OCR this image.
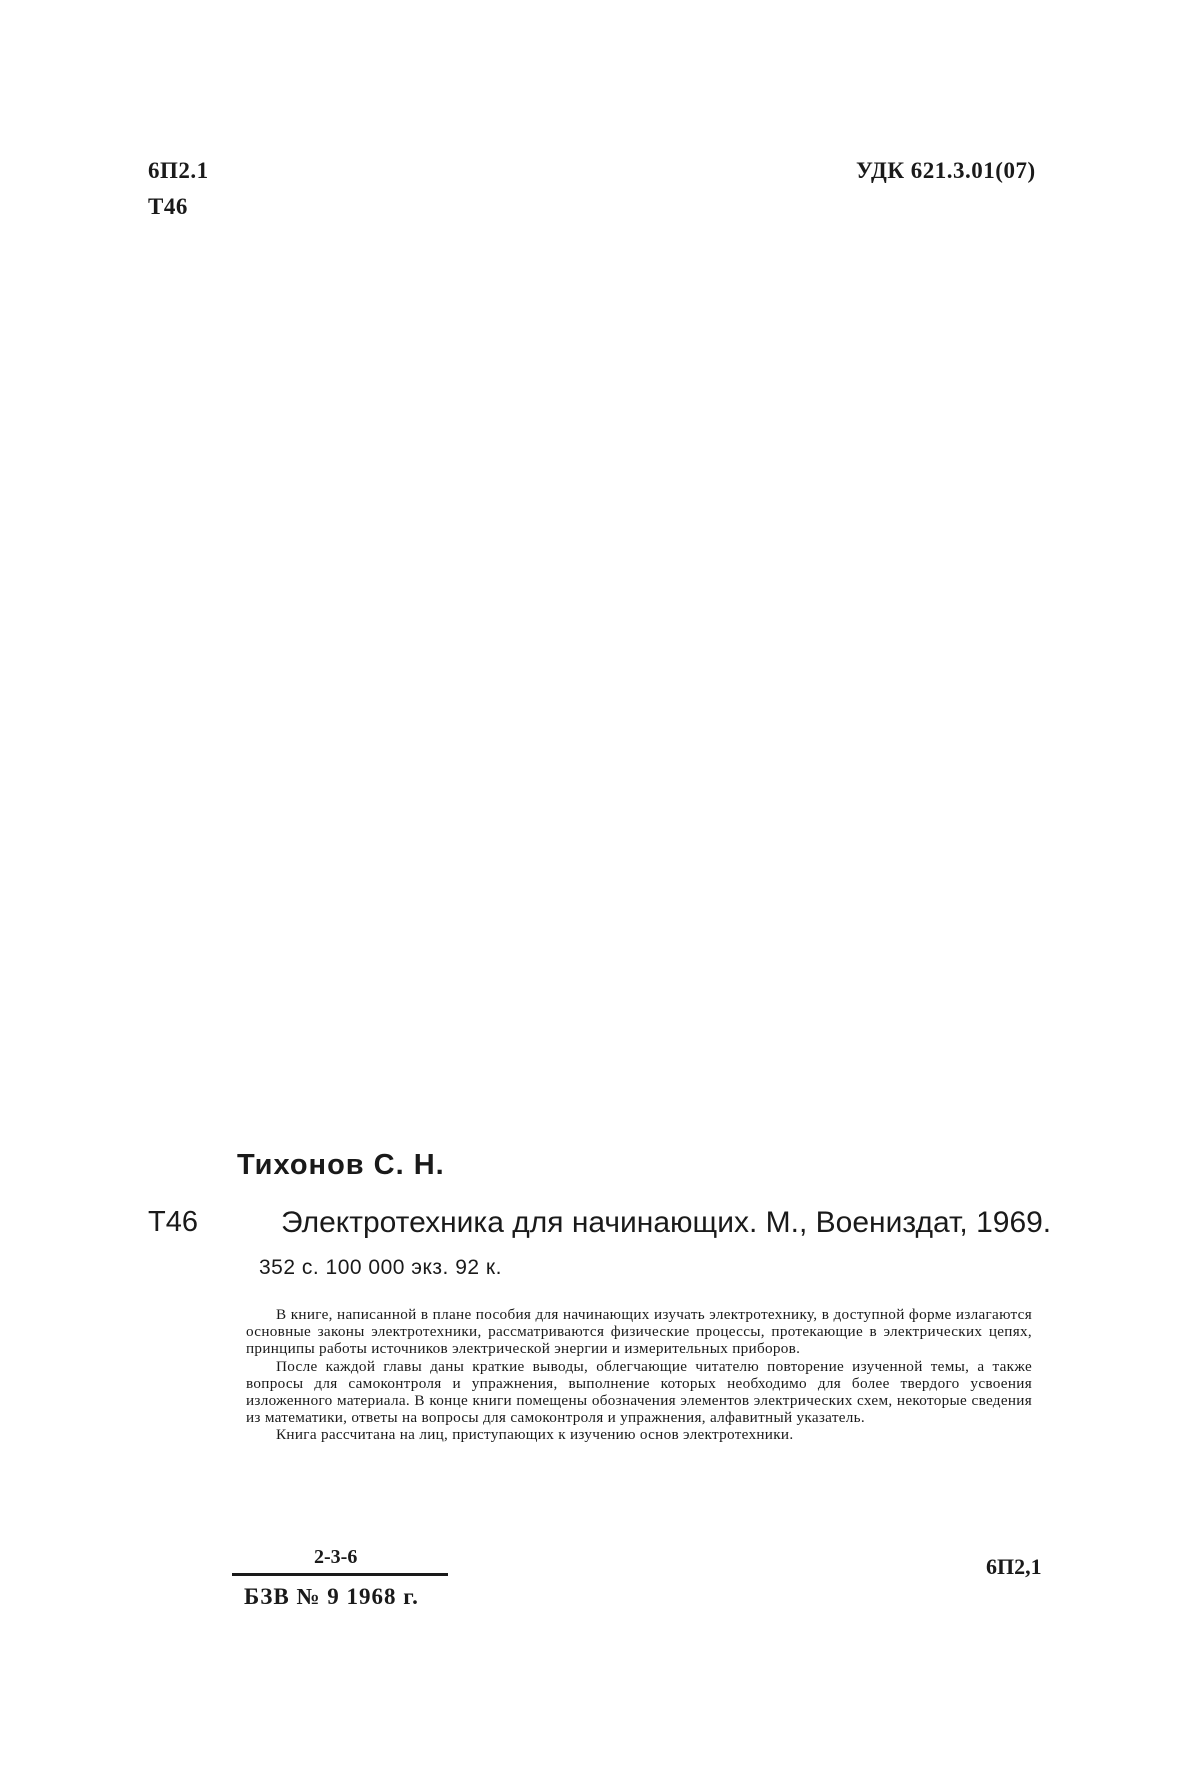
6П2.1
Т46
УДК 621.3.01(07)
Тихонов С. Н.
Т46	Электротехника для начинающих. М., Воениздат, 1969.
352 с. 100 000 экз. 92 к.

В книге, написанной в плане пособия для начинающих изучать электротехнику, в доступной форме излагаются основные законы электротехники, рассматриваются физические процессы, протекающие в электрических цепях, принципы работы источников электрической энергии и измерительных приборов.

После каждой главы даны краткие выводы, облегчающие читателю повторение изученной темы, а также вопросы для самоконтроля и упражнения, выполнение которых необходимо для более твердого усвоения изложенного материала. В конце книги помещены обозначения элементов электрических схем, некоторые сведения из математики, ответы на вопросы для самоконтроля и упражнения, алфавитный указатель.

Книга рассчитана на лиц, приступающих к изучению основ электротехники.

2-3-6
БЗВ № 9 1968 г.
6П2,1
